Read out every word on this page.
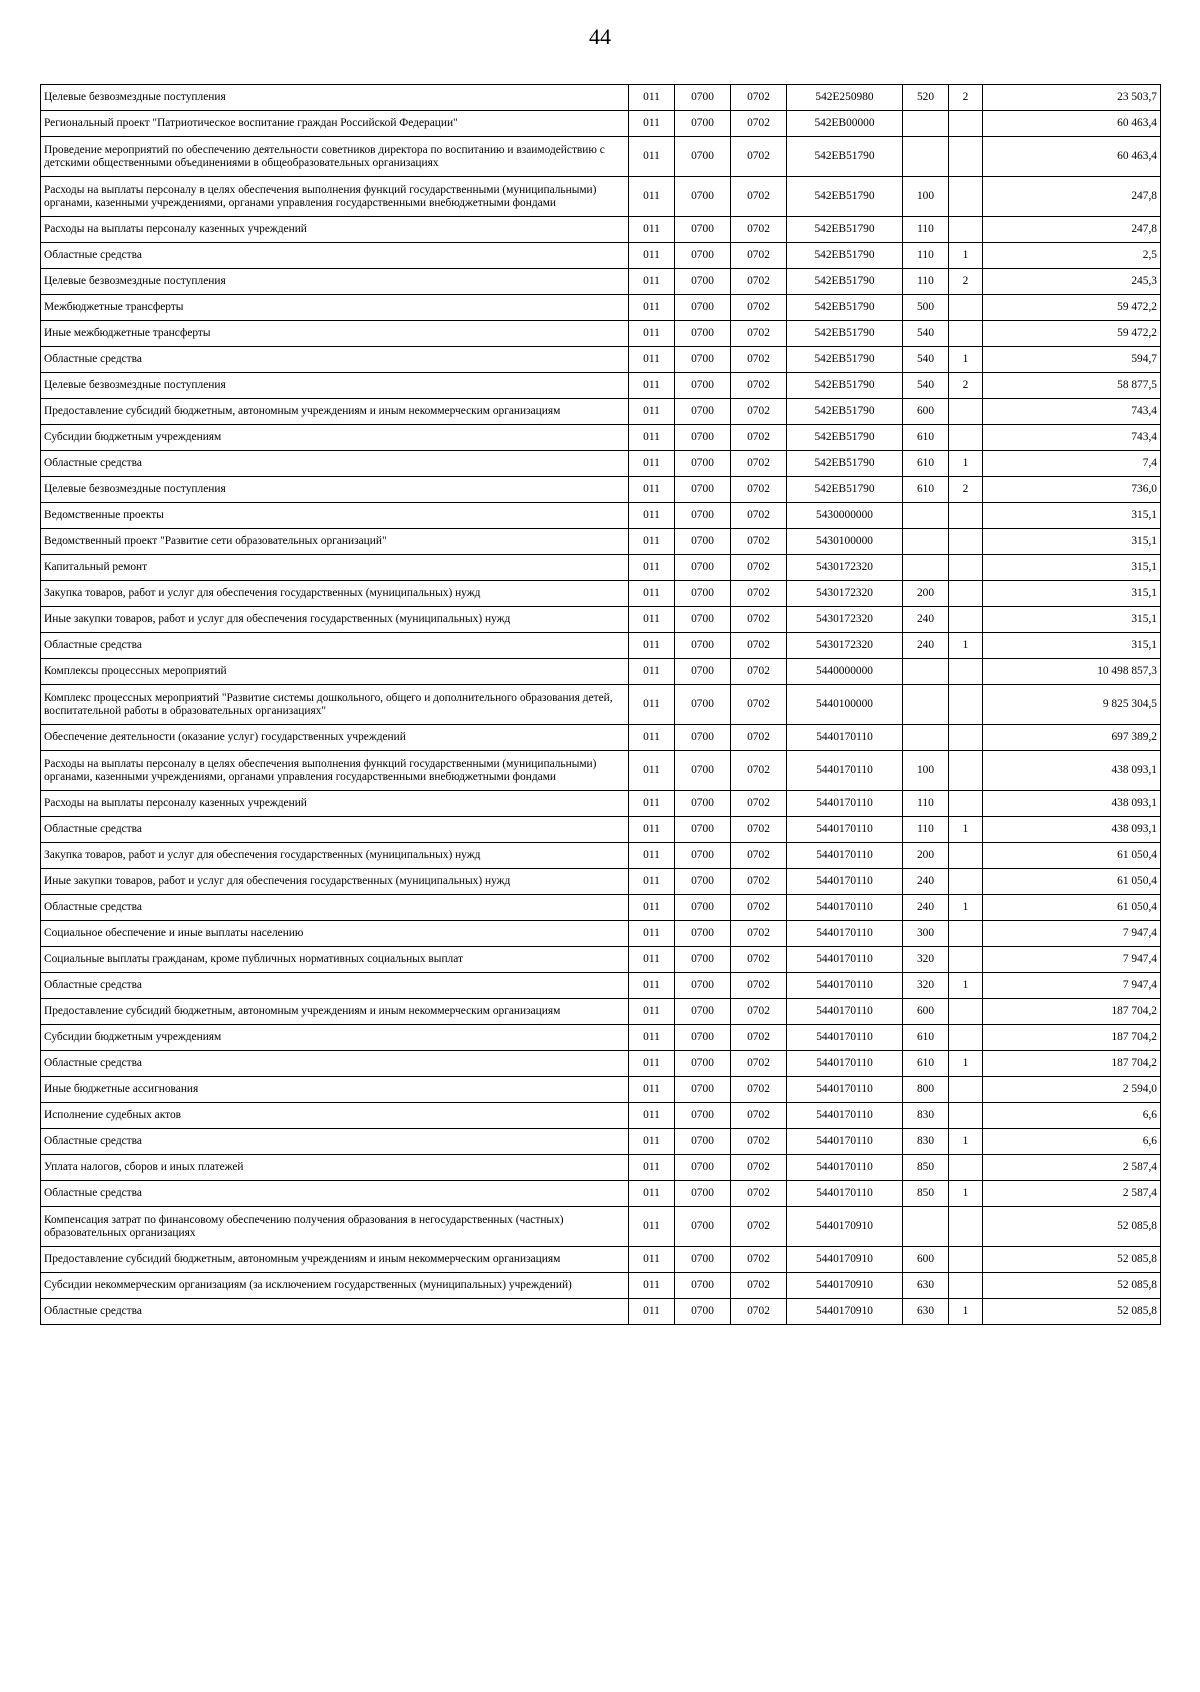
44
Целевые безвозмездные поступления	011	0700	0702	542E250980	520	2	23 503,7
Региональный проект "Патриотическое воспитание граждан Российской Федерации"	011	0700	0702	542EB00000			60 463,4
Проведение мероприятий по обеспечению деятельности советников директора по воспитанию и взаимодействию с детскими общественными объединениями в общеобразовательных организациях	011	0700	0702	542EB51790			60 463,4
Расходы на выплаты персоналу в целях обеспечения выполнения функций государственными (муниципальными) органами, казенными учреждениями, органами управления государственными внебюджетными фондами	011	0700	0702	542EB51790	100		247,8
Расходы на выплаты персоналу казенных учреждений	011	0700	0702	542EB51790	110		247,8
Областные средства	011	0700	0702	542EB51790	110	1	2,5
Целевые безвозмездные поступления	011	0700	0702	542EB51790	110	2	245,3
Межбюджетные трансферты	011	0700	0702	542EB51790	500		59 472,2
Иные межбюджетные трансферты	011	0700	0702	542EB51790	540		59 472,2
Областные средства	011	0700	0702	542EB51790	540	1	594,7
Целевые безвозмездные поступления	011	0700	0702	542EB51790	540	2	58 877,5
Предоставление субсидий бюджетным, автономным учреждениям и иным некоммерческим организациям	011	0700	0702	542EB51790	600		743,4
Субсидии бюджетным учреждениям	011	0700	0702	542EB51790	610		743,4
Областные средства	011	0700	0702	542EB51790	610	1	7,4
Целевые безвозмездные поступления	011	0700	0702	542EB51790	610	2	736,0
Ведомственные проекты	011	0700	0702	5430000000			315,1
Ведомственный проект "Развитие сети образовательных организаций"	011	0700	0702	5430100000			315,1
Капитальный ремонт	011	0700	0702	5430172320			315,1
Закупка товаров, работ и услуг для обеспечения государственных (муниципальных) нужд	011	0700	0702	5430172320	200		315,1
Иные закупки товаров, работ и услуг для обеспечения государственных (муниципальных) нужд	011	0700	0702	5430172320	240		315,1
Областные средства	011	0700	0702	5430172320	240	1	315,1
Комплексы процессных мероприятий	011	0700	0702	5440000000			10 498 857,3
Комплекс процессных мероприятий "Развитие системы дошкольного, общего и дополнительного образования детей, воспитательной работы в образовательных организациях"	011	0700	0702	5440100000			9 825 304,5
Обеспечение деятельности (оказание услуг) государственных учреждений	011	0700	0702	5440170110			697 389,2
Расходы на выплаты персоналу в целях обеспечения выполнения функций государственными (муниципальными) органами, казенными учреждениями, органами управления государственными внебюджетными фондами	011	0700	0702	5440170110	100		438 093,1
Расходы на выплаты персоналу казенных учреждений	011	0700	0702	5440170110	110		438 093,1
Областные средства	011	0700	0702	5440170110	110	1	438 093,1
Закупка товаров, работ и услуг для обеспечения государственных (муниципальных) нужд	011	0700	0702	5440170110	200		61 050,4
Иные закупки товаров, работ и услуг для обеспечения государственных (муниципальных) нужд	011	0700	0702	5440170110	240		61 050,4
Областные средства	011	0700	0702	5440170110	240	1	61 050,4
Социальное обеспечение и иные выплаты населению	011	0700	0702	5440170110	300		7 947,4
Социальные выплаты гражданам, кроме публичных нормативных социальных выплат	011	0700	0702	5440170110	320		7 947,4
Областные средства	011	0700	0702	5440170110	320	1	7 947,4
Предоставление субсидий бюджетным, автономным учреждениям и иным некоммерческим организациям	011	0700	0702	5440170110	600		187 704,2
Субсидии бюджетным учреждениям	011	0700	0702	5440170110	610		187 704,2
Областные средства	011	0700	0702	5440170110	610	1	187 704,2
Иные бюджетные ассигнования	011	0700	0702	5440170110	800		2 594,0
Исполнение судебных актов	011	0700	0702	5440170110	830		6,6
Областные средства	011	0700	0702	5440170110	830	1	6,6
Уплата налогов, сборов и иных платежей	011	0700	0702	5440170110	850		2 587,4
Областные средства	011	0700	0702	5440170110	850	1	2 587,4
Компенсация затрат по финансовому обеспечению получения образования в негосударственных (частных) образовательных организациях	011	0700	0702	5440170910			52 085,8
Предоставление субсидий бюджетным, автономным учреждениям и иным некоммерческим организациям	011	0700	0702	5440170910	600		52 085,8
Субсидии некоммерческим организациям (за исключением государственных (муниципальных) учреждений)	011	0700	0702	5440170910	630		52 085,8
Областные средства	011	0700	0702	5440170910	630	1	52 085,8
